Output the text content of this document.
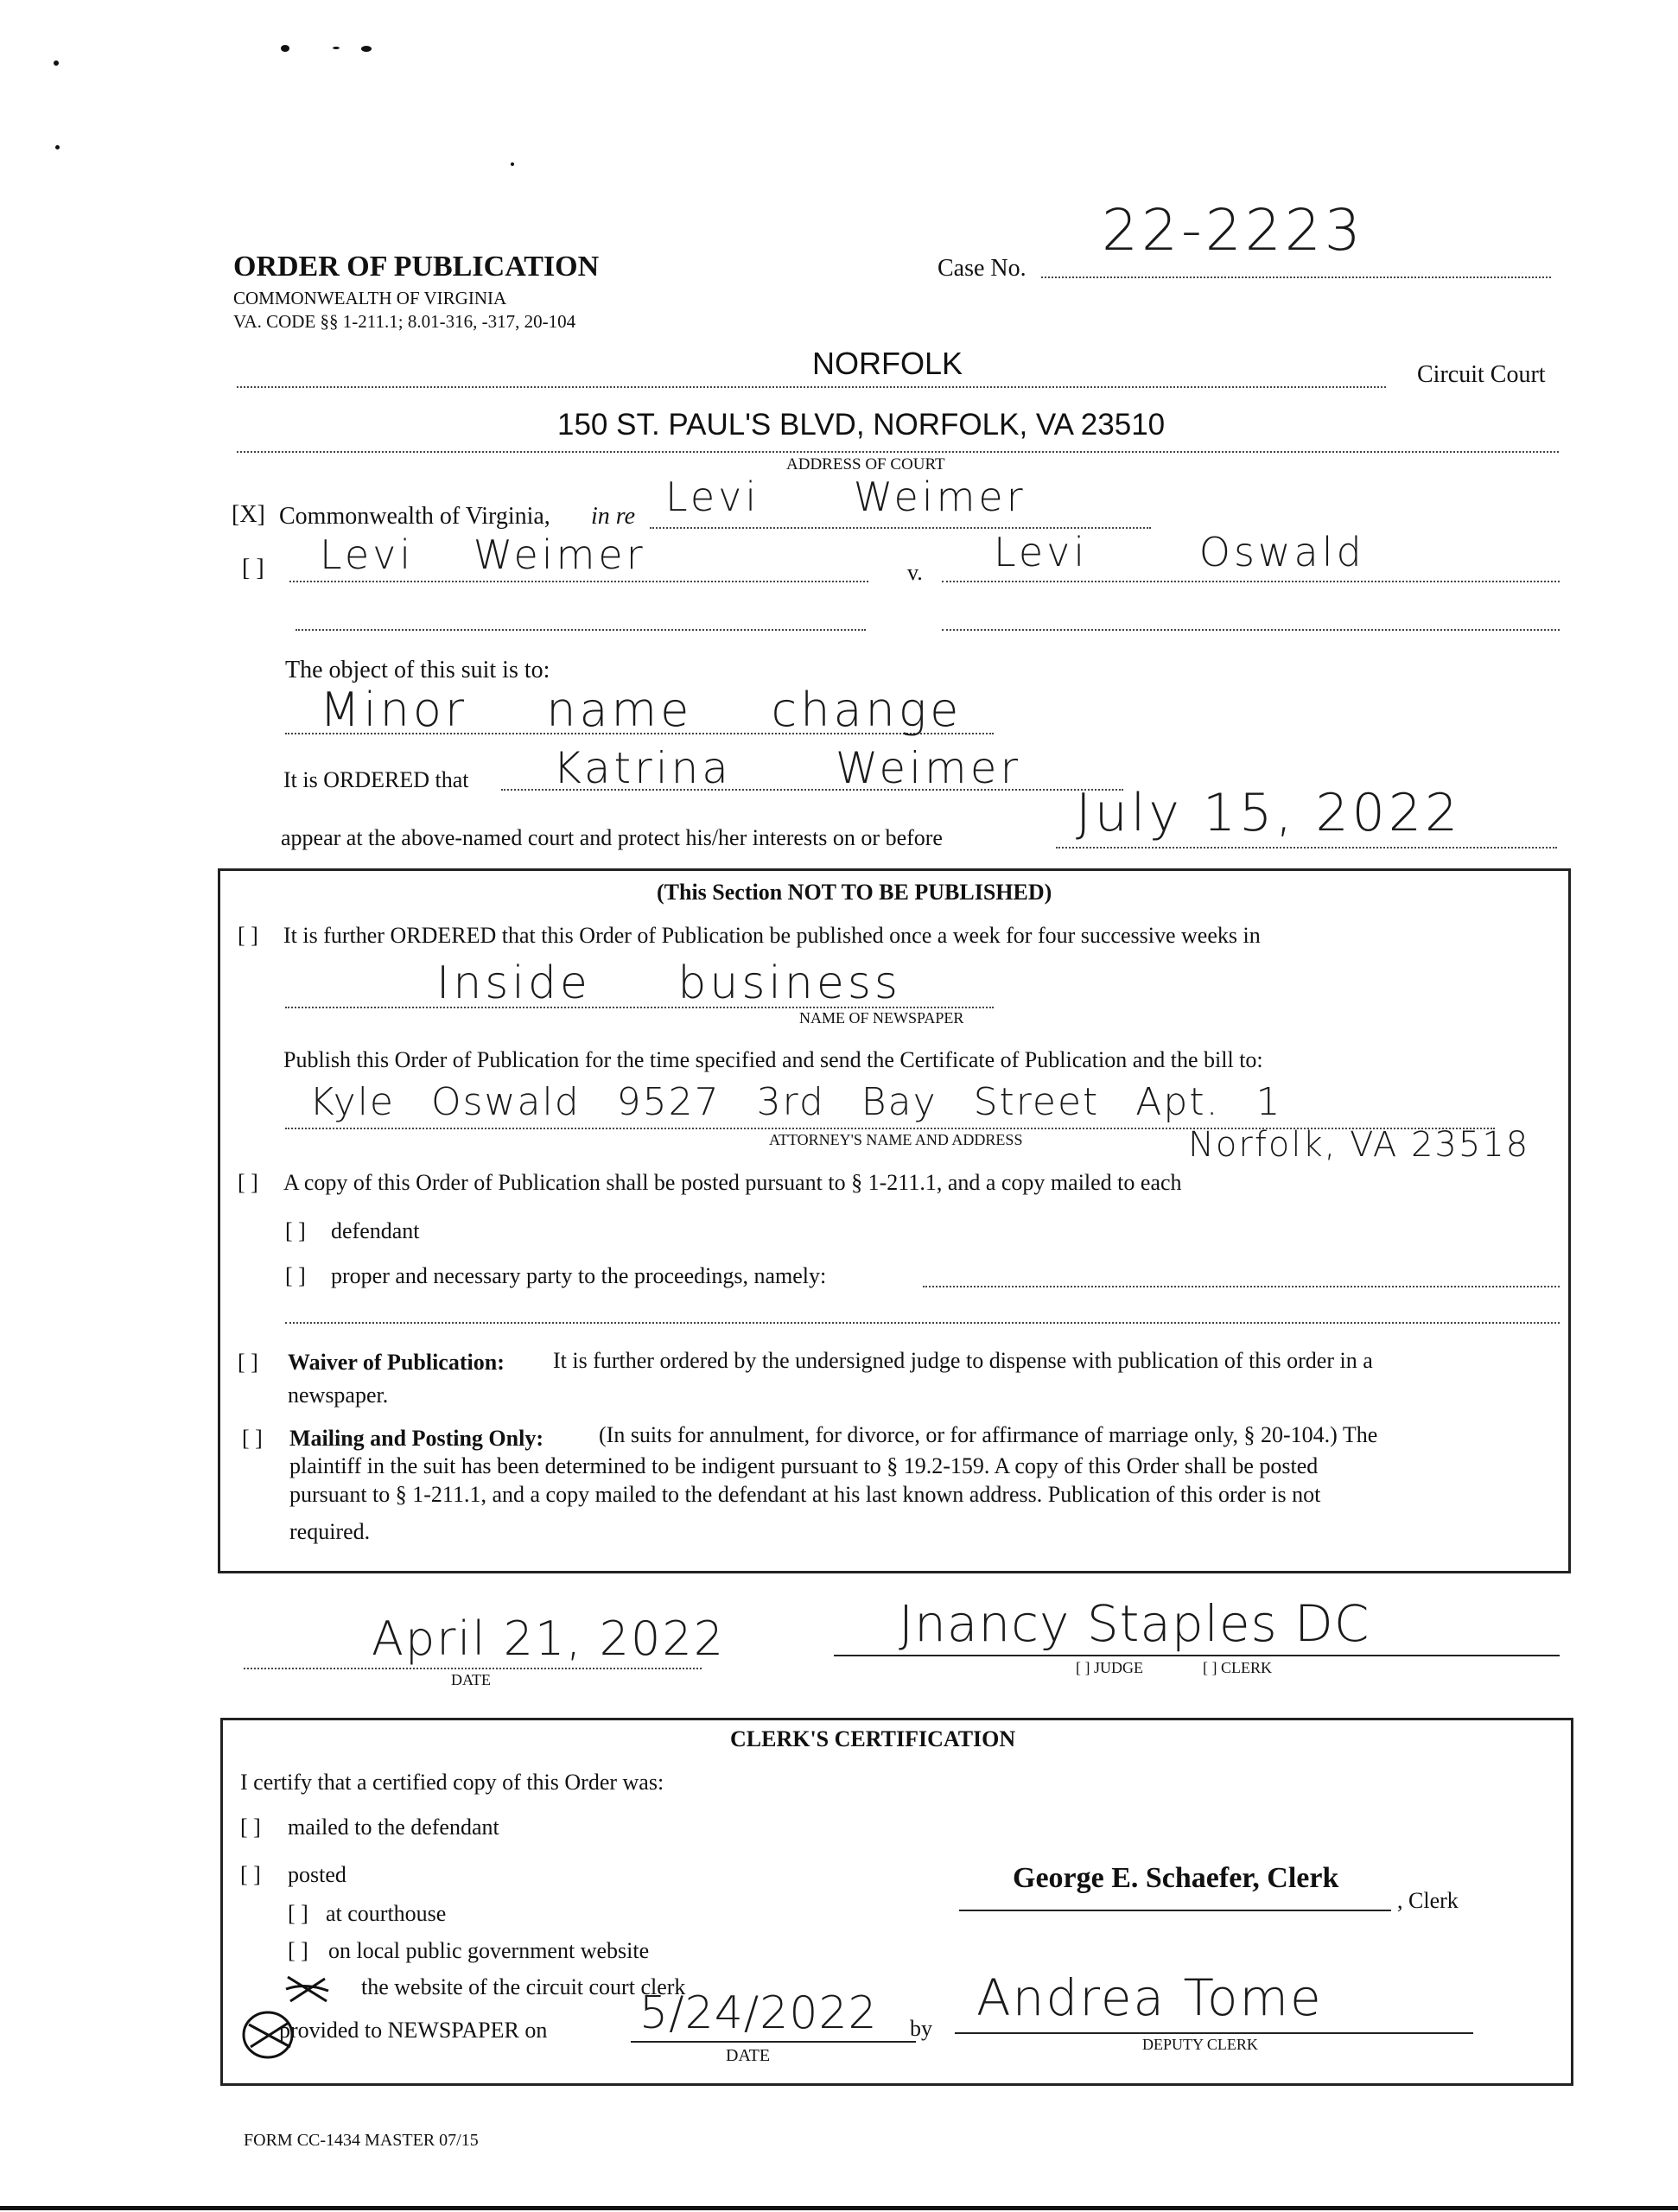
ORDER OF PUBLICATION
COMMONWEALTH OF VIRGINIA
VA. CODE §§ 1-211.1; 8.01-316, -317, 20-104
Case No.
22-2223
NORFOLK	Circuit Court
150 ST. PAUL'S BLVD, NORFOLK, VA 23510
ADDRESS OF COURT
[X] Commonwealth of Virginia, in re Levi Weimer
[ ] Levi Weimer	v. Levi Oswald
The object of this suit is to:
Minor name change
It is ORDERED that Katrina Weimer
appear at the above-named court and protect his/her interests on or before	July 15, 2022
(This Section NOT TO BE PUBLISHED)
[ ] It is further ORDERED that this Order of Publication be published once a week for four successive weeks in
Inside business
NAME OF NEWSPAPER
Publish this Order of Publication for the time specified and send the Certificate of Publication and the bill to:
Kyle Oswald 9527 3rd Bay Street Apt. 1
Norfolk, VA 23518
ATTORNEY'S NAME AND ADDRESS
[ ] A copy of this Order of Publication shall be posted pursuant to § 1-211.1, and a copy mailed to each
[ ] defendant
[ ] proper and necessary party to the proceedings, namely:
[ ] Waiver of Publication: It is further ordered by the undersigned judge to dispense with publication of this order in a
newspaper.
[ ] Mailing and Posting Only: (In suits for annulment, for divorce, or for affirmance of marriage only, § 20-104.) The
plaintiff in the suit has been determined to be indigent pursuant to § 19.2-159. A copy of this Order shall be posted
pursuant to § 1-211.1, and a copy mailed to the defendant at his last known address. Publication of this order is not
required.
April 21, 2022
DATE
Jnancy Staples DC
[ ] JUDGE	[ ] CLERK
CLERK'S CERTIFICATION
I certify that a certified copy of this Order was:
[ ] mailed to the defendant
[ ] posted
[ ] at courthouse
[ ] on local public government website
the website of the circuit court clerk
provided to NEWSPAPER on 5/24/2022 by
DATE
George E. Schaefer, Clerk
, Clerk
Andrea Tome
DEPUTY CLERK
FORM CC-1434 MASTER 07/15
